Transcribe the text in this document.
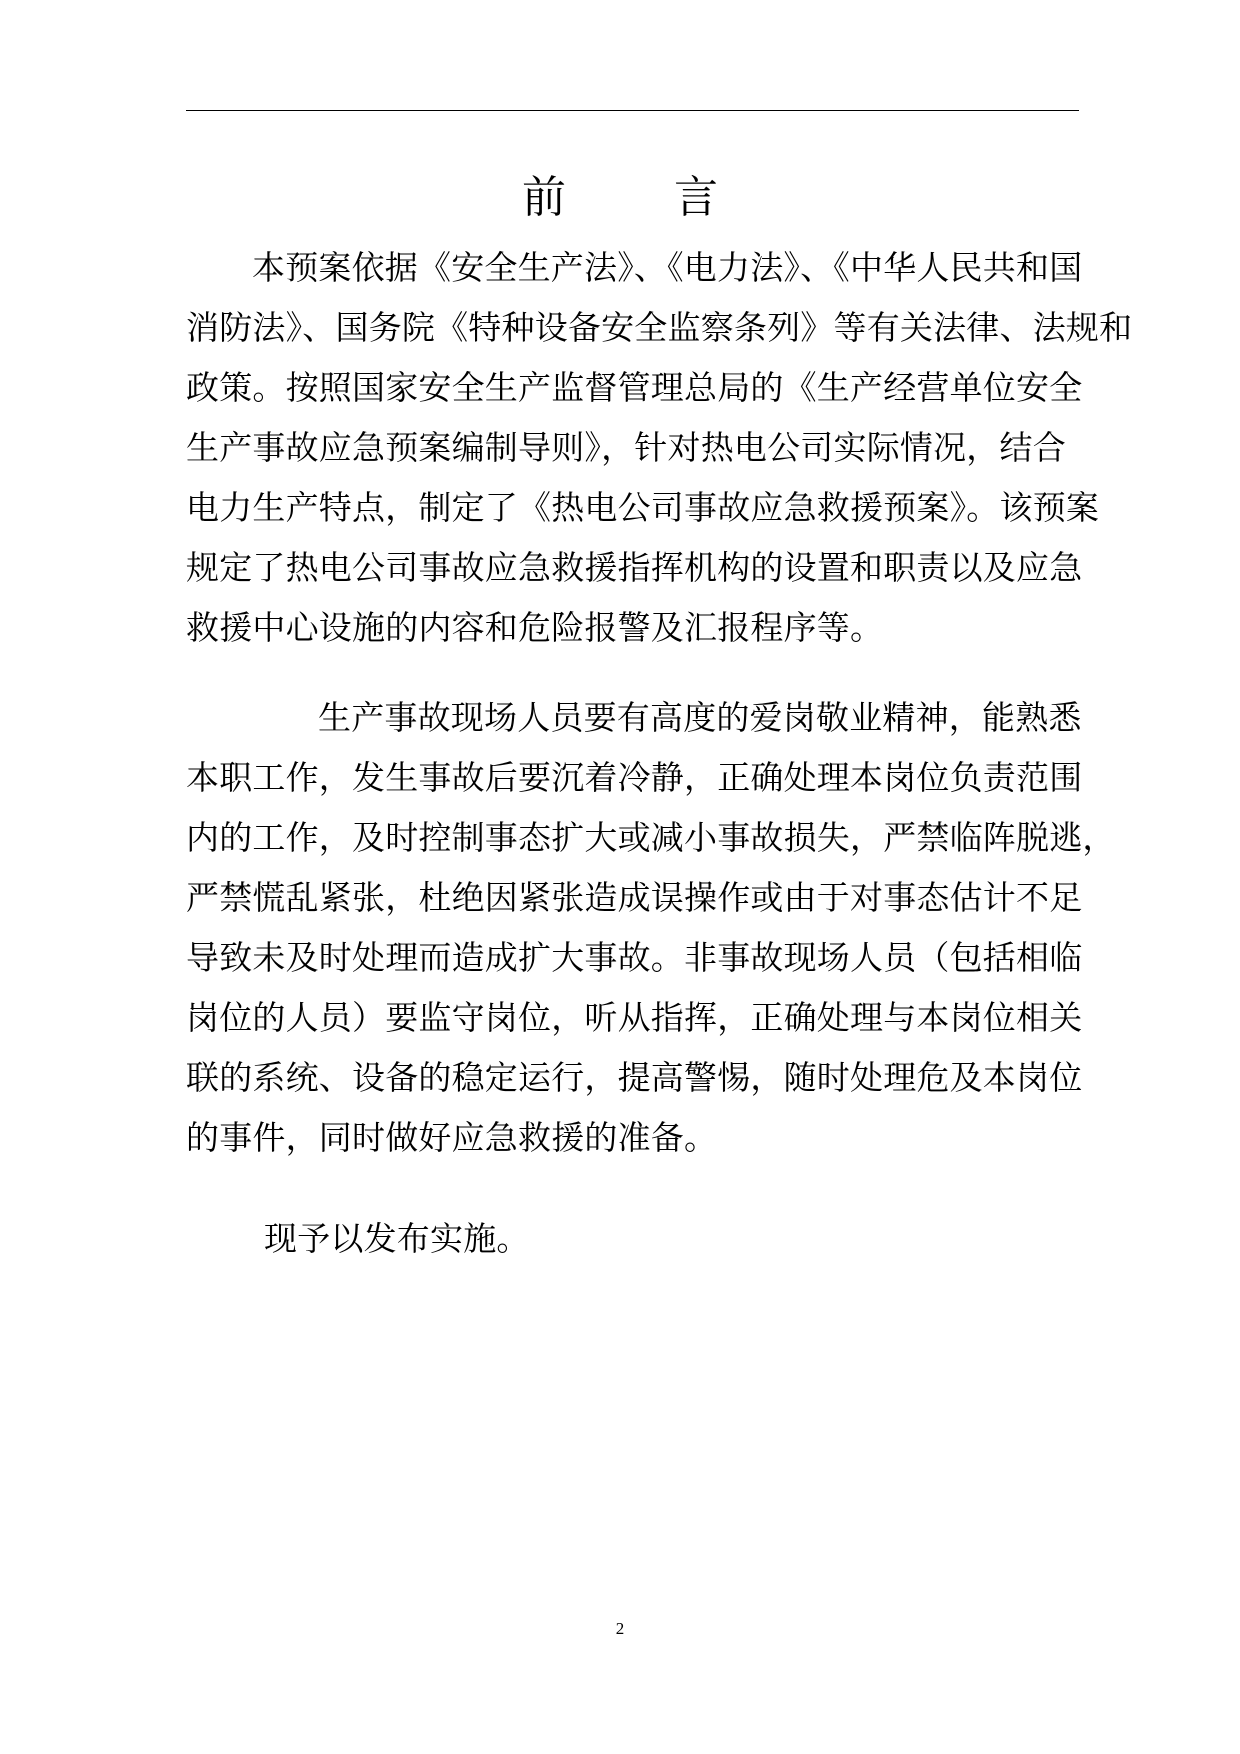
前 言
本预案依据《安全生产法》、《电力法》、《中华人民共和国
消防法》、国务院《特种设备安全监察条列》等有关法律、法规和
政策。按照国家安全生产监督管理总局的《生产经营单位安全
生产事故应急预案编制导则》，针对热电公司实际情况，结合
电力生产特点，制定了《热电公司事故应急救援预案》。该预案
规定了热电公司事故应急救援指挥机构的设置和职责以及应急
救援中心设施的内容和危险报警及汇报程序等。
生产事故现场人员要有高度的爱岗敬业精神，能熟悉
本职工作，发生事故后要沉着冷静，正确处理本岗位负责范围
内的工作，及时控制事态扩大或减小事故损失，严禁临阵脱逃，
严禁慌乱紧张，杜绝因紧张造成误操作或由于对事态估计不足
导致未及时处理而造成扩大事故。非事故现场人员（包括相临
岗位的人员）要监守岗位，听从指挥，正确处理与本岗位相关
联的系统、设备的稳定运行，提高警惕，随时处理危及本岗位
的事件，同时做好应急救援的准备。
现予以发布实施。
2
